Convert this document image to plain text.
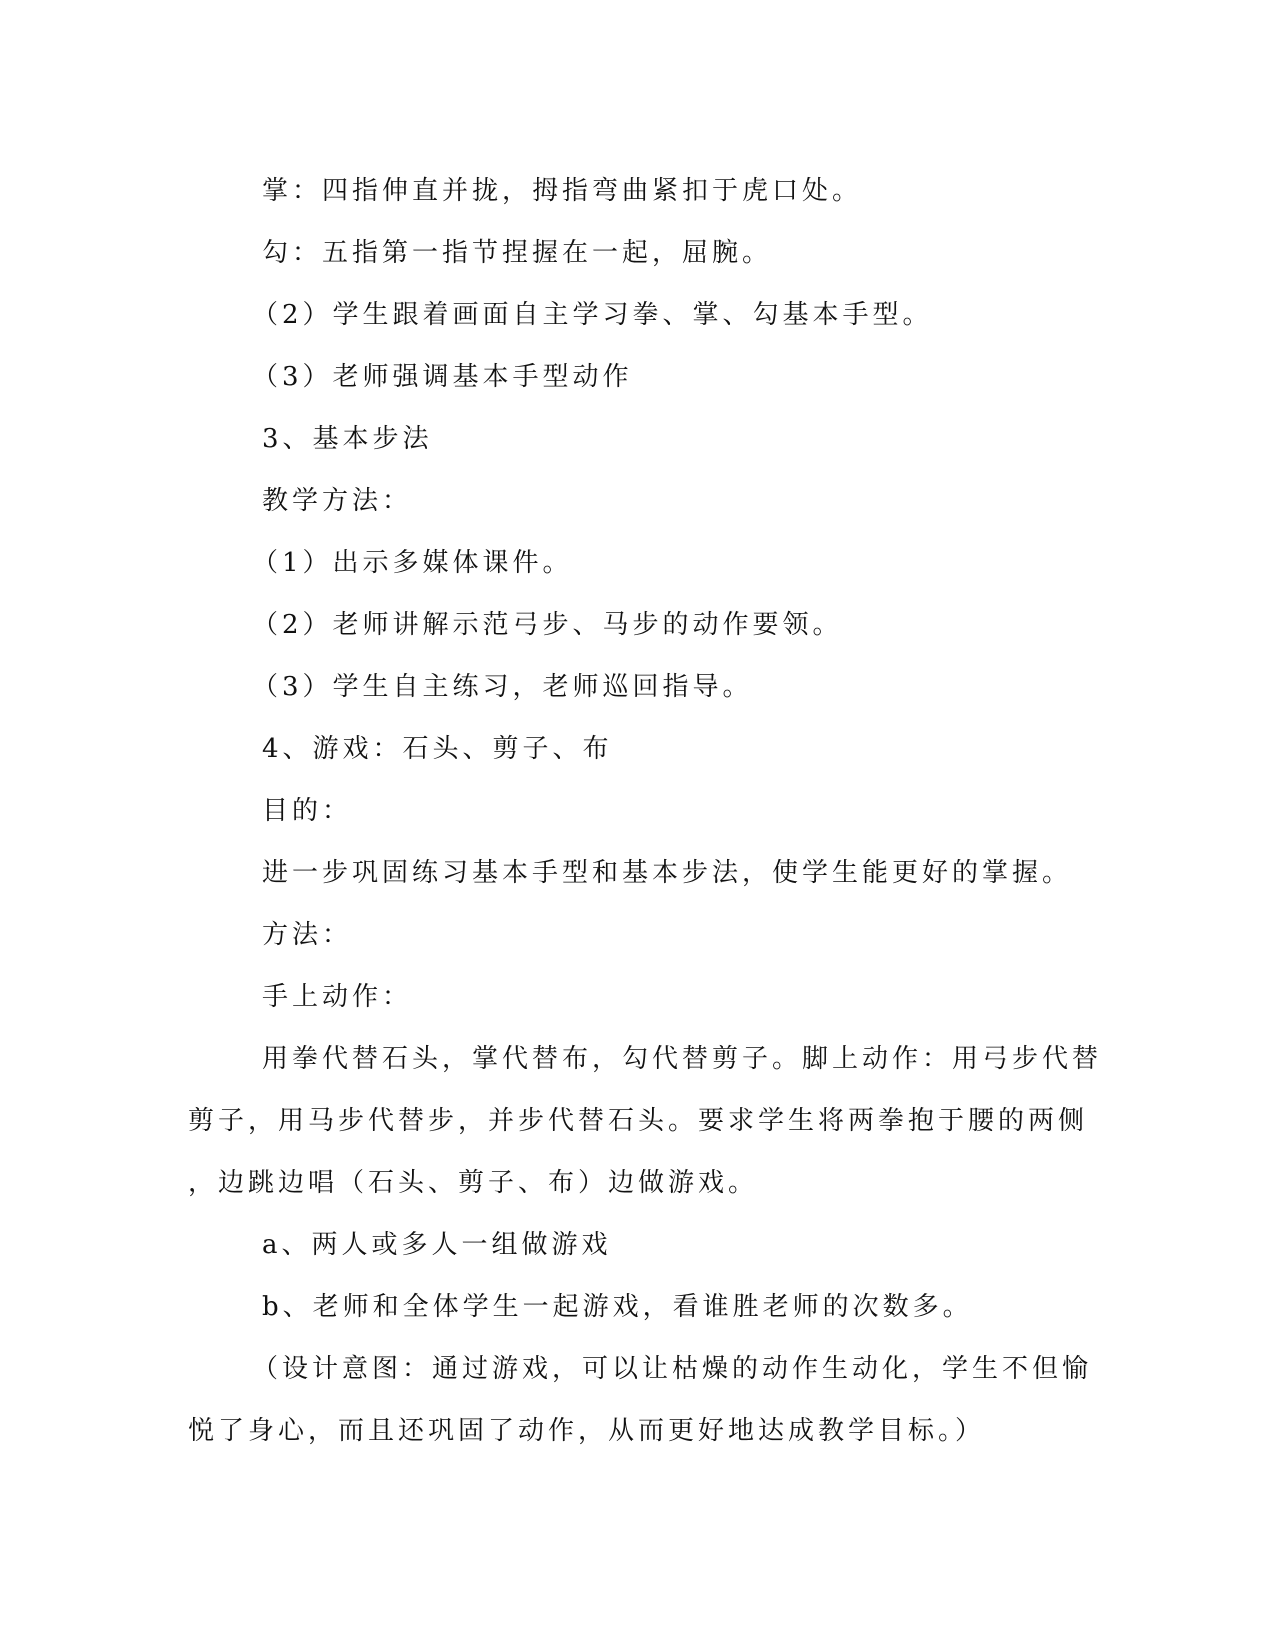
掌：四指伸直并拢，拇指弯曲紧扣于虎口处。
勾：五指第一指节捏握在一起，屈腕。
（2）学生跟着画面自主学习拳、掌、勾基本手型。
（3）老师强调基本手型动作
3、基本步法
教学方法：
（1）出示多媒体课件。
（2）老师讲解示范弓步、马步的动作要领。
（3）学生自主练习，老师巡回指导。
4、游戏：石头、剪子、布
目的：
进一步巩固练习基本手型和基本步法，使学生能更好的掌握。
方法：
手上动作：
用拳代替石头，掌代替布，勾代替剪子。脚上动作：用弓步代替
剪子，用马步代替步，并步代替石头。要求学生将两拳抱于腰的两侧
，边跳边唱（石头、剪子、布）边做游戏。
a、两人或多人一组做游戏
b、老师和全体学生一起游戏，看谁胜老师的次数多。
（设计意图：通过游戏，可以让枯燥的动作生动化，学生不但愉
悦了身心，而且还巩固了动作，从而更好地达成教学目标。）
